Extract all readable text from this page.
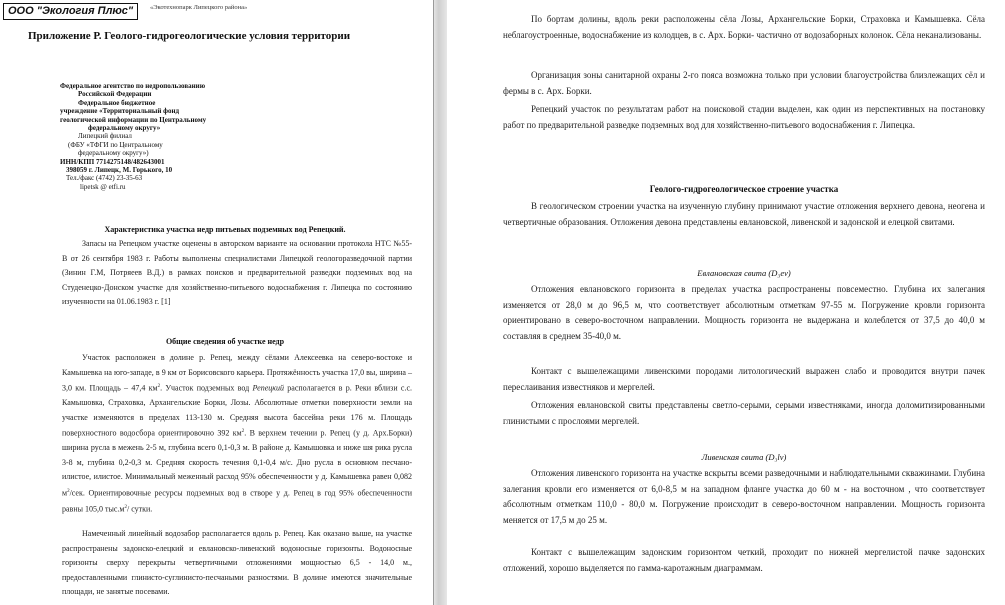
ООО "Экология Плюс"	«Экотехнопарк Липецкого района»
Приложение Р. Геолого-гидрогеологические условия территории
Федеральное агентство по недропользованию
Российской Федерации
Федеральное бюджетное
учреждение «Территориальный фонд
геологической информации по Центральному
федеральному округу»
Липецкий филиал
(ФБУ «ТФГИ по Центральному
федеральному округу»)
ИНН/КПП 7714275148/482643001
398059 г. Липецк, М. Горького, 10
Тел./факс (4742) 23-35-63
lipetsk @ etfi.ru
Характеристика участка недр питьевых подземных вод Репецкий.

Запасы на Репецком участке оценены в авторском варианте на основании протокола НТС №55-В от 26 сентября 1983 г. Работы выполнены специалистами Липецкой геологоразведочной партии (Зинин Г.М, Потряеев В.Д.) в рамках поисков и предварительной разведки подземных вод на Студенецко-Донском участке для хозяйственно-питьевого водоснабжения г. Липецка по состоянию изученности на 01.06.1983 г. [1]

Общие сведения об участке недр

Участок расположен в долине р. Репец, между сёлами Алексеевка на северо-востоке и Камышевка на юго-западе, в 9 км от Борисовского карьера. Протяжённость участка 17,0 вы, ширина – 3,0 км. Площадь – 47,4 $км^2$. Участок подземных вод Репецкий располагается в р. Реки вблизи с.с. Камышовка, Страховка, Архангельские Борки, Лозы. Абсолютные отметки поверхности земли на участке изменяются в пределах 113-130 м. Средняя высота бассейна реки 176 м. Площадь поверхностного водосбора ориентировочно 392 $км^2$. В верхнем течении р. Репец (у д. Арх.Борки) ширина русла в межень 2-5 м, глубина всего 0,1-0,3 м. В районе д. Камышовка и ниже шя рика русла 3-8 м, глубина 0,2-0,3 м. Средняя скорость течения 0,1-0,4 м/с. Дно русла в основном песчано-илистое, илистое. Минимальный меженный расход 95% обеспеченности у д. Камышевка равен 0,082 $м^2$/сек. Ориентировочные ресурсы подземных вод в створе у д. Репец в год 95% обеспеченности равны 105,0 $тыс.м^2/$ сутки.

Намеченный линейный водозабор располагается вдоль р. Репец. Как оказано выше, на участке распространены задонско-елецкий и евлановско-ливенский водоносные горизонты. Водоносные горизонты сверху перекрыты четвертичными отложениями мощностью 6,5 - 14,0 м., предоставленными глинисто-суглинисто-песчаными разностями. В долине имеются значительные площади, не занятые посевами.

По бортам долины, вдоль реки расположены сёла Лозы, Архангельские Борки, Страховка и Камышевка. Сёла неблагоустроенные, водоснабжение из колодцев, в с. Арх. Борки- частично от водозаборных колонок. Сёла неканализованы.

Организация зоны санитарной охраны 2-го пояса возможна только при условии благоустройства близлежащих сёл и фермы в с. Арх. Борки.

Репецкий участок по результатам работ на поисковой стадии выделен, как один из перспективных на постановку работ по предварительной разведке подземных вод для хозяйственно-питьевого водоснабжения г. Липецка.

Геолого-гидрогеологическое строение участка

В геологическом строении участка на изученную глубину принимают участие отложения верхнего девона, неогена и четвертичные образования. Отложения девона представлены евлановской, ливенской и задонской и елецкой свитами.

Евлановская свита (D₃ev)

Отложения евлановского горизонта в пределах участка распространены повсеместно. Глубина их залегания изменяется от 28,0 м до 96,5 м, что соответствует абсолютным отметкам 97-55 м. Погружение кровли горизонта ориентировано в северо-восточном направлении. Мощность горизонта не выдержана и колеблется от 37,5 до 40,0 м составляя в среднем 35-40,0 м.

Контакт с вышележащими ливенскими породами литологический выражен слабо и проводится внутри пачек переслаивания известняков и мергелей.

Отложения евлановской свиты представлены светло-серыми, серыми известняками, иногда доломитизированными глинистыми с прослоями мергелей.

Ливенская свита (D₃lv)

Отложения ливенского горизонта на участке вскрыты всеми разведочными и наблюдательными скважинами. Глубина залегания кровли его изменяется от 6,0-8,5 м на западном фланге участка до 60 м - на восточном , что соответствует абсолютным отметкам 110,0 - 80,0 м. Погружение происходит в северо-восточном направлении. Мощность горизонта меняется от 17,5 м до 25 м.

Контакт с вышележащим задонским горизонтом четкий, проходит по нижней мергелистой пачке задонских отложений, хорошо выделяется по гамма-каротажным диаграммам.
